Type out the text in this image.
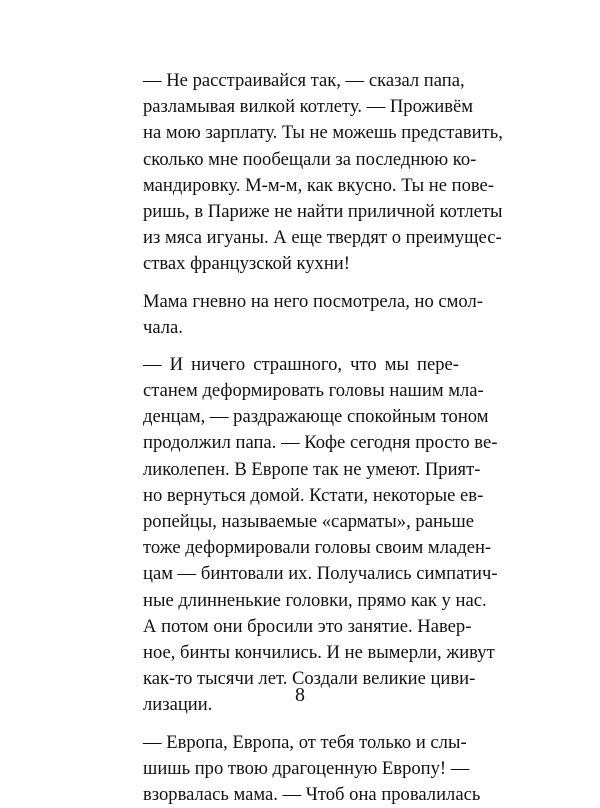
— Не расстраивайся так, — сказал папа,
разламывая вилкой котлету. — Проживём
на мою зарплату. Ты не можешь представить,
сколько мне пообещали за последнюю ко-
мандировку. М-м-м, как вкусно. Ты не пове-
ришь, в Париже не найти приличной котлеты
из мяса игуаны. А еще твердят о преимущес-
ствах французской кухни!
Мама гневно на него посмотрела, но смол-
чала.
— И ничего страшного, что мы пере-
станем деформировать головы нашим мла-
денцам, — раздражающе спокойным тоном
продолжил папа. — Кофе сегодня просто ве-
ликолепен. В Европе так не умеют. Прият-
но вернуться домой. Кстати, некоторые ев-
ропейцы, называемые «сарматы», раньше
тоже деформировали головы своим младен-
цам — бинтовали их. Получались симпатич-
ные длинненькие головки, прямо как у нас.
А потом они бросили это занятие. Навер-
ное, бинты кончились. И не вымерли, живут
как-то тысячи лет. Создали великие циви-
лизации.
— Европа, Европа, от тебя только и слы-
шишь про твою драгоценную Европу! —
взорвалась мама. — Чтоб она провалилась
8
